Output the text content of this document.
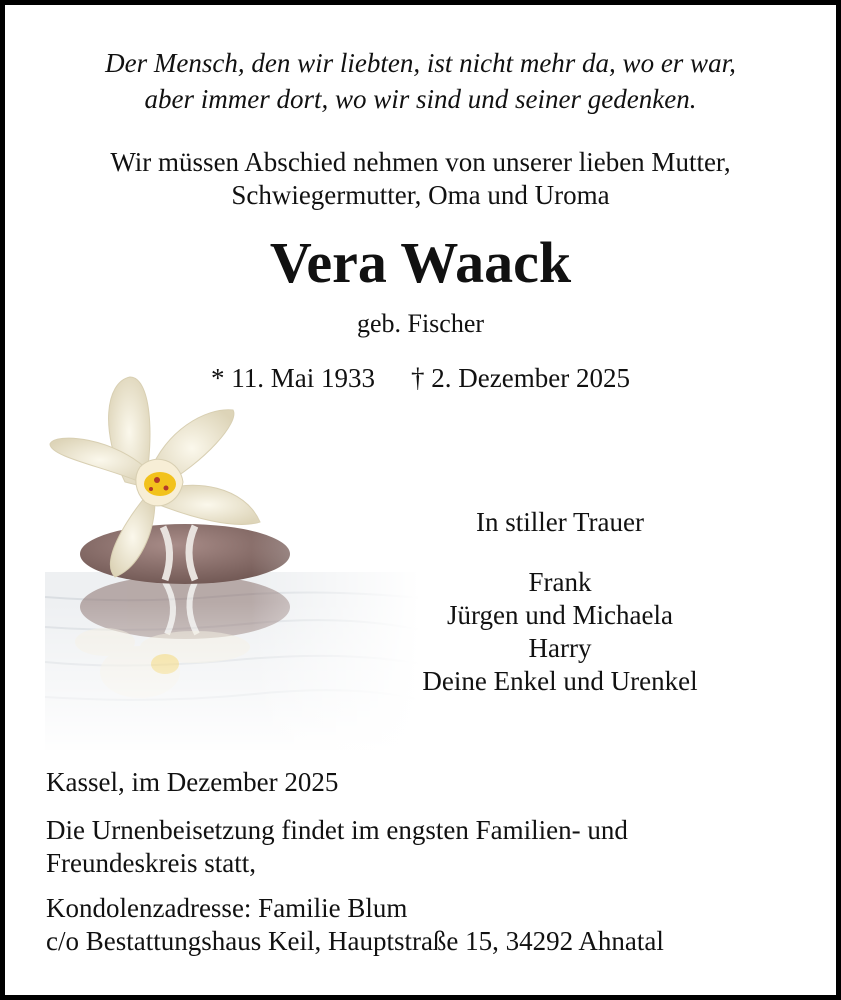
Der Mensch, den wir liebten, ist nicht mehr da, wo er war,
aber immer dort, wo wir sind und seiner gedenken.
Wir müssen Abschied nehmen von unserer lieben Mutter,
Schwiegermutter, Oma und Uroma
Vera Waack
geb. Fischer
* 11. Mai 1933 † 2. Dezember 2025
In stiller Trauer
Frank
Jürgen und Michaela
Harry
Deine Enkel und Urenkel
Kassel, im Dezember 2025
Die Urnenbeisetzung findet im engsten Familien- und
Freundeskreis statt,
Kondolenzadresse: Familie Blum
c/o Bestattungshaus Keil, Hauptstraße 15, 34292 Ahnatal
